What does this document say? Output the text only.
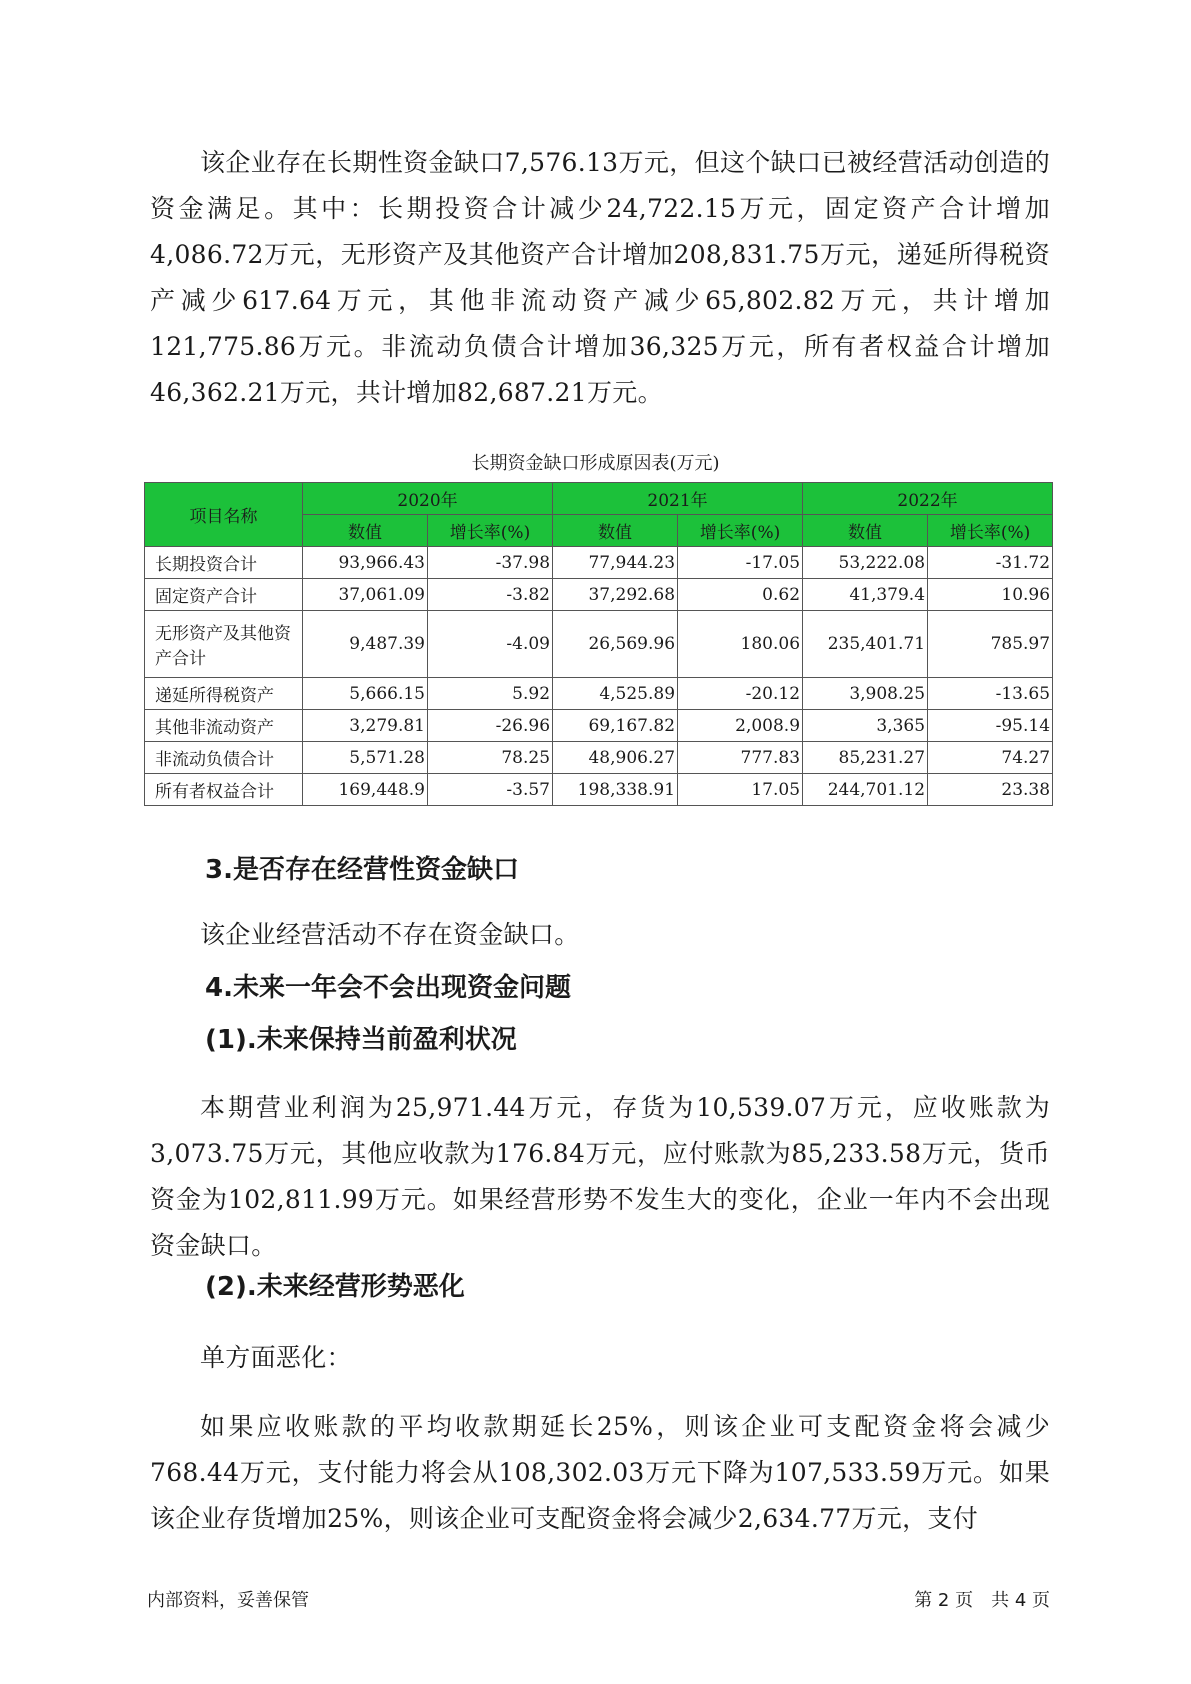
该企业存在长期性资金缺口7,576.13万元，但这个缺口已被经营活动创造的资金满足。其中：长期投资合计减少24,722.15万元，固定资产合计增加4,086.72万元，无形资产及其他资产合计增加208,831.75万元，递延所得税资产减少617.64万元，其他非流动资产减少65,802.82万元，共计增加121,775.86万元。非流动负债合计增加36,325万元，所有者权益合计增加46,362.21万元，共计增加82,687.21万元。

长期资金缺口形成原因表(万元)
项目名称	2020年		2021年		2022年	
	数值	增长率(%)	数值	增长率(%)	数值	增长率(%)
长期投资合计	93,966.43	-37.98	77,944.23	-17.05	53,222.08	-31.72
固定资产合计	37,061.09	-3.82	37,292.68	0.62	41,379.4	10.96
无形资产及其他资产合计	9,487.39	-4.09	26,569.96	180.06	235,401.71	785.97
递延所得税资产	5,666.15	5.92	4,525.89	-20.12	3,908.25	-13.65
其他非流动资产	3,279.81	-26.96	69,167.82	2,008.9	3,365	-95.14
非流动负债合计	5,571.28	78.25	48,906.27	777.83	85,231.27	74.27
所有者权益合计	169,448.9	-3.57	198,338.91	17.05	244,701.12	23.38
3.是否存在经营性资金缺口

该企业经营活动不存在资金缺口。

4.未来一年会不会出现资金问题
(1).未来保持当前盈利状况

本期营业利润为25,971.44万元，存货为10,539.07万元，应收账款为3,073.75万元，其他应收款为176.84万元，应付账款为85,233.58万元，货币资金为102,811.99万元。如果经营形势不发生大的变化，企业一年内不会出现资金缺口。

(2).未来经营形势恶化

单方面恶化：

如果应收账款的平均收款期延长25%，则该企业可支配资金将会减少768.44万元，支付能力将会从108,302.03万元下降为107,533.59万元。如果该企业存货增加25%，则该企业可支配资金将会减少2,634.77万元，支付

内部资料，妥善保管	第 2 页　共 4 页
